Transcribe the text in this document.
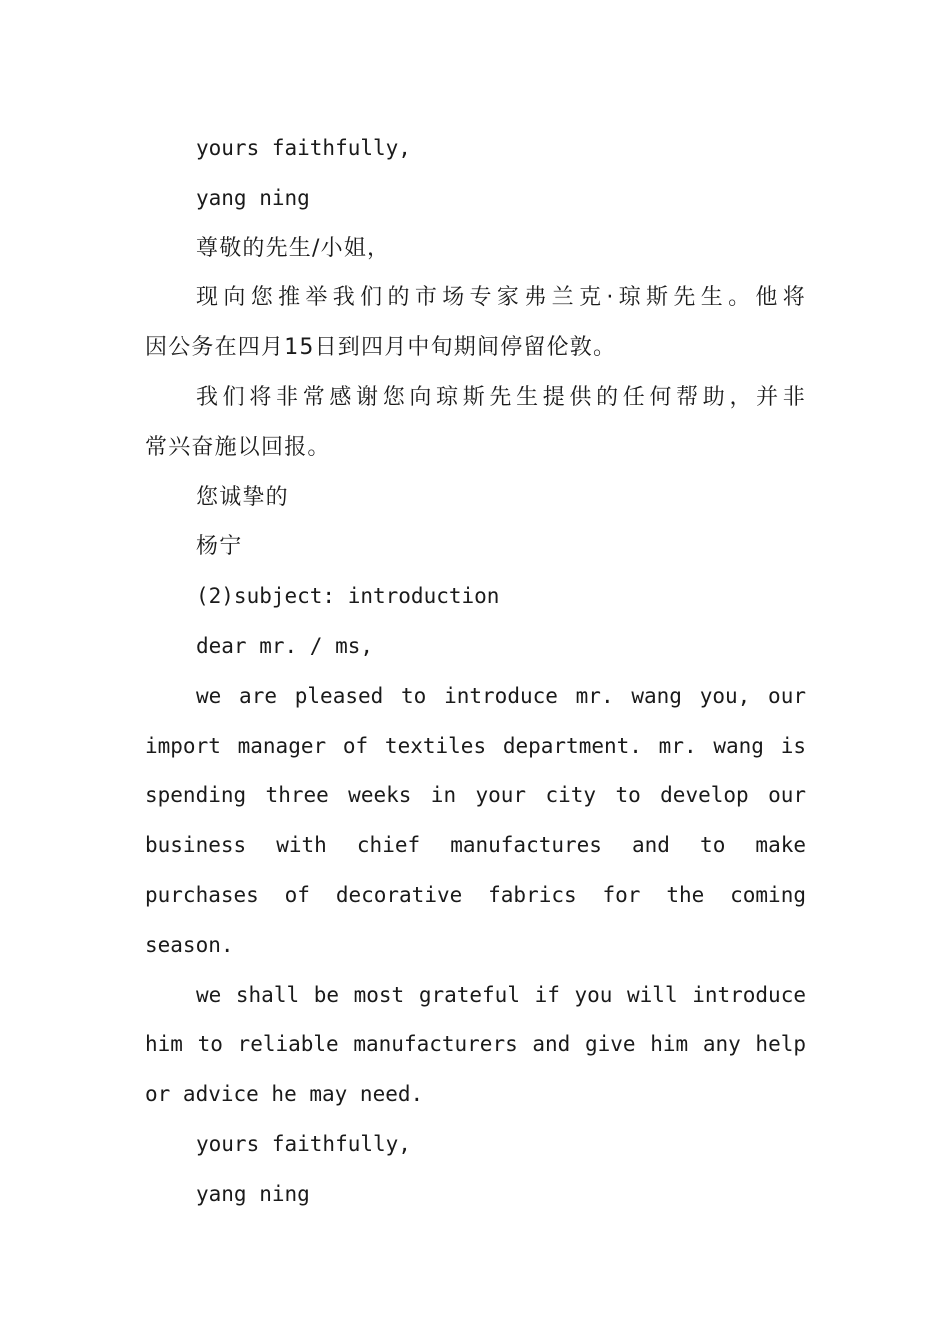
yours faithfully,
yang ning
尊敬的先生/小姐，
现向您推举我们的市场专家弗兰克·琼斯先生。他将
因公务在四月15日到四月中旬期间停留伦敦。
我们将非常感谢您向琼斯先生提供的任何帮助，并非
常兴奋施以回报。
您诚挚的
杨宁
(2)subject: introduction
dear mr. / ms,
we are pleased to introduce mr. wang you, our
import manager of textiles department. mr. wang is
spending three weeks in your city to develop our
business with chief manufactures and to make
purchases of decorative fabrics for the coming
season.
we shall be most grateful if you will introduce
him to reliable manufacturers and give him any help
or advice he may need.
yours faithfully,
yang ning
